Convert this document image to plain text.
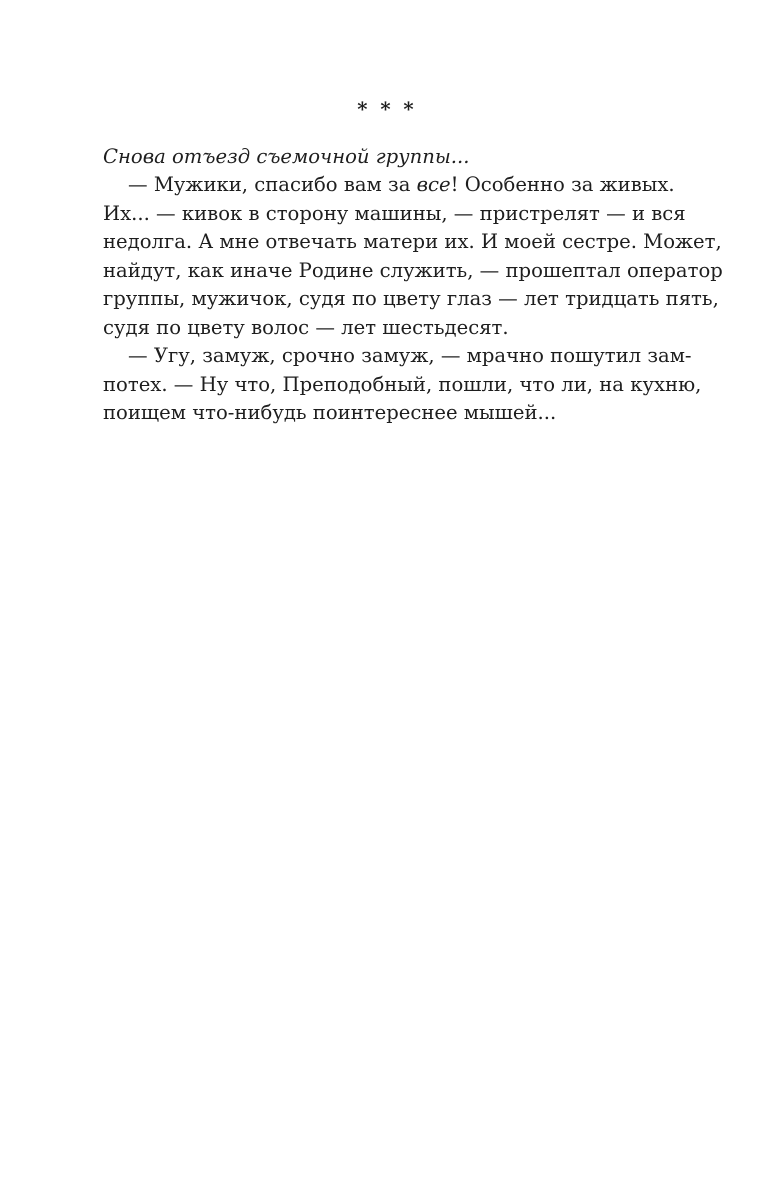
* * *

Снова отъезд съемочной группы...

— Мужики, спасибо вам за все! Особенно за живых.
Их... — кивок в сторону машины, — пристрелят — и вся
недолга. А мне отвечать матери их. И моей сестре. Может,
найдут, как иначе Родине служить, — прошептал оператор
группы, мужичок, судя по цвету глаз — лет тридцать пять,
судя по цвету волос — лет шестьдесят.
— Угу, замуж, срочно замуж, — мрачно пошутил зам-
потех. — Ну что, Преподобный, пошли, что ли, на кухню,
поищем что-нибудь поинтереснее мышей...
